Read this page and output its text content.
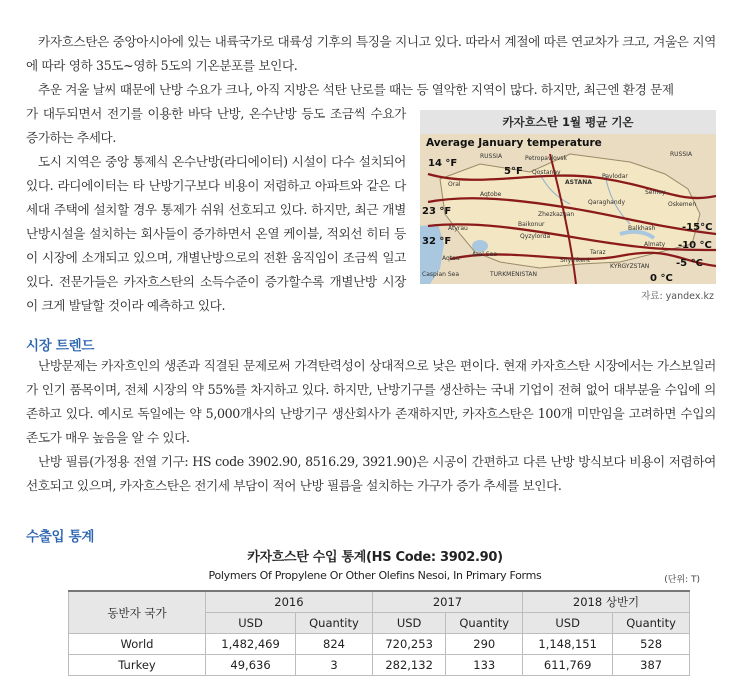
카자흐스탄은 중앙아시아에 있는 내륙국가로 대륙성 기후의 특징을 지니고 있다. 따라서 계절에 따른 연교차가 크고, 겨울은 지역에 따라 영하 35도~영하 5도의 기온분포를 보인다.

추운 겨울 날씨 때문에 난방 수요가 크나, 아직 지방은 석탄 난로를 때는 등 열악한 지역이 많다. 하지만, 최근엔 환경 문제

가 대두되면서 전기를 이용한 바닥 난방, 온수난방 등도 조금씩 수요가 증가하는 추세다.

도시 지역은 중앙 통제식 온수난방(라디에이터) 시설이 다수 설치되어 있다. 라디에이터는 타 난방기구보다 비용이 저렴하고 아파트와 같은 다세대 주택에 설치할 경우 통제가 쉬워 선호되고 있다. 하지만, 최근 개별 난방시설을 설치하는 회사들이 증가하면서 온열 케이블, 적외선 히터 등이 시장에 소개되고 있으며, 개별난방으로의 전환 움직임이 조금씩 일고 있다. 전문가들은 카자흐스탄의 소득수준이 증가할수록 개별난방 시장이 크게 발달할 것이라 예측하고 있다.

카자흐스탄 1월 평균 기온
Average January temperature
14 °F
5°F
23 °F
32 °F
-15°C
-10 °C
-5 °C
0 °C
RUSSIA	RUSSIA
Petropavlovsk
Qostanay
Pavlodar
ASTANA
Aqtobe
Qaraghandy
Semey
Oskemen
Baikonur
Zhezkazgan
Qyzylorda
Balkhash
Almaty
Taraz
Shymkent
Oral
Atyrau
Aqtau
Aral Sea
Caspian Sea
KYRGYZSTAN
TURKMENISTAN
자료: yandex.kz
시장 트렌드

난방문제는 카자흐인의 생존과 직결된 문제로써 가격탄력성이 상대적으로 낮은 편이다. 현재 카자흐스탄 시장에서는 가스보일러가 인기 품목이며, 전체 시장의 약 55%를 차지하고 있다. 하지만, 난방기구를 생산하는 국내 기업이 전혀 없어 대부분을 수입에 의존하고 있다. 예시로 독일에는 약 5,000개사의 난방기구 생산회사가 존재하지만, 카자흐스탄은 100개 미만임을 고려하면 수입의존도가 매우 높음을 알 수 있다.

난방 필름(가정용 전열 기구: HS code 3902.90, 8516.29, 3921.90)은 시공이 간편하고 다른 난방 방식보다 비용이 저렴하여 선호되고 있으며, 카자흐스탄은 전기세 부담이 적어 난방 필름을 설치하는 가구가 증가 추세를 보인다.

수출입 통계
카자흐스탄 수입 통계(HS Code: 3902.90)
Polymers Of Propylene Or Other Olefins Nesoi, In Primary Forms	(단위: T)
동반자 국가	2016		2017		2018 상반기	
	USD	Quantity	USD	Quantity	USD	Quantity
World	1,482,469	824	720,253	290	1,148,151	528
Turkey	49,636	3	282,132	133	611,769	387
